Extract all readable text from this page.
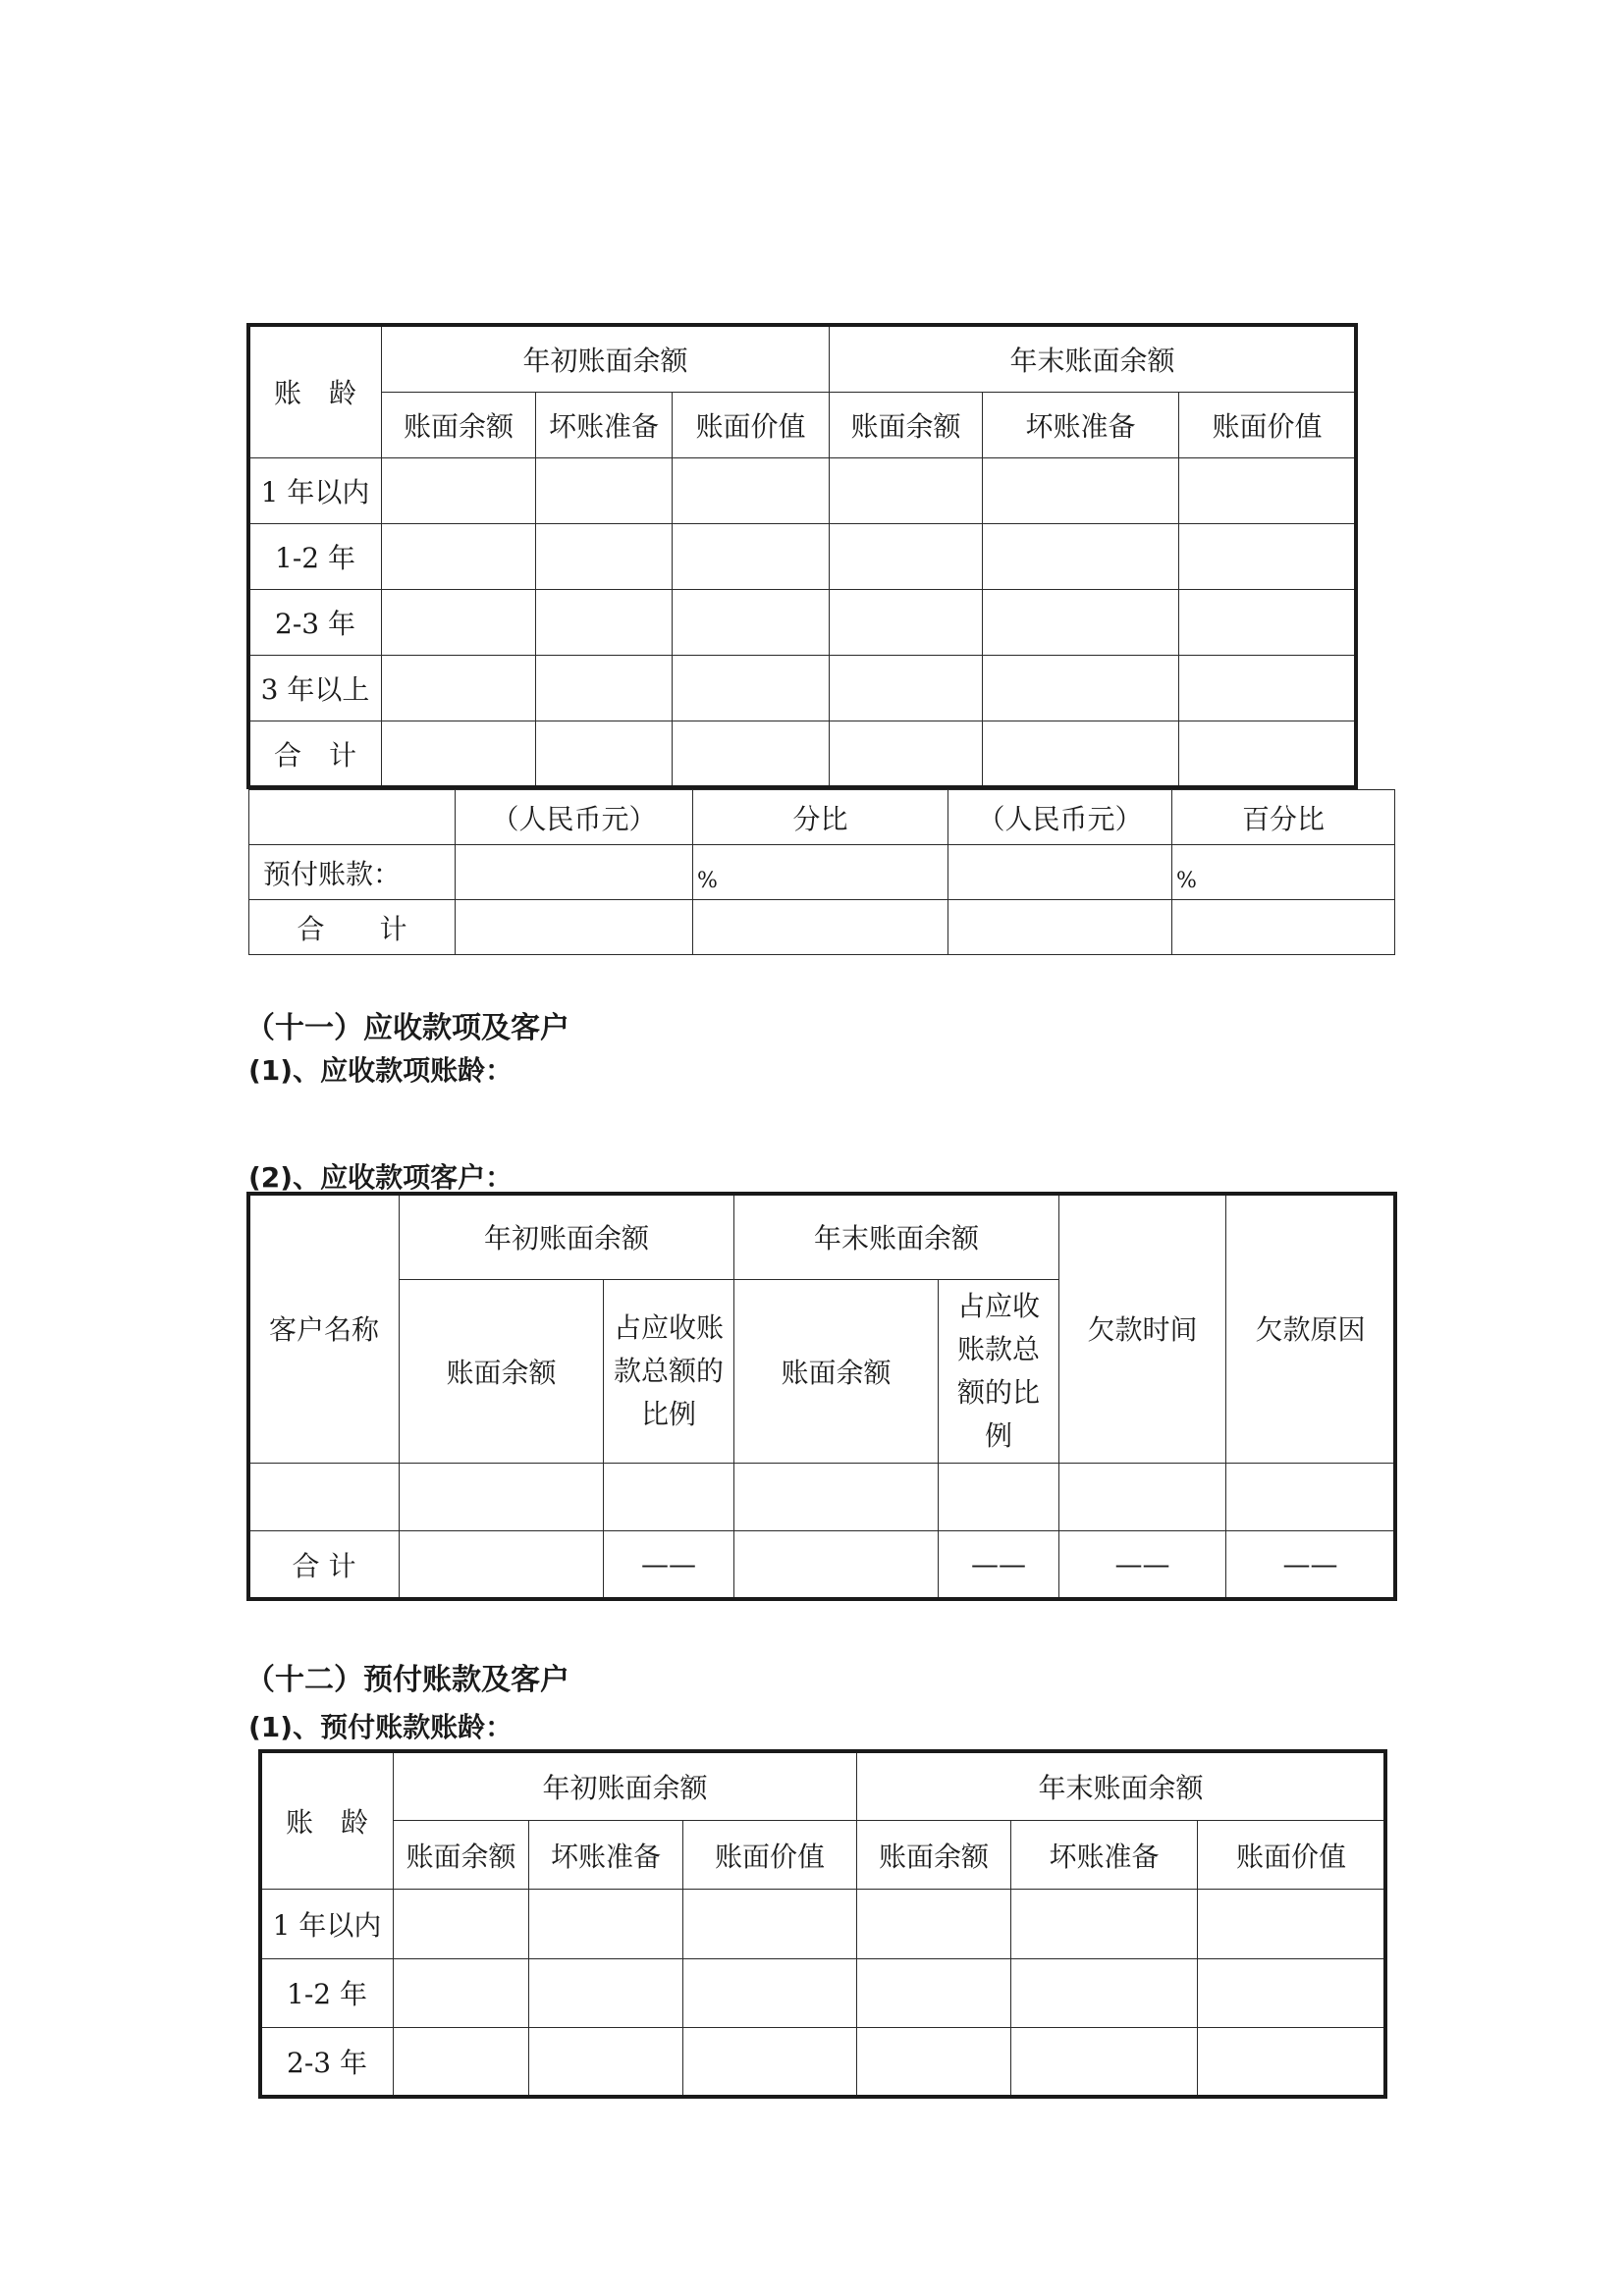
账　龄	年初账面余额			年末账面余额		
	账面余额	坏账准备	账面价值	账面余额	坏账准备	账面价值
1 年以内						
1-2 年						
2-3 年						
3 年以上						
合　计						
	（人民币元）	分比	（人民币元）	百分比
预付账款：		%		%
合　　计				

（十一）应收款项及客户

(1)、应收款项账龄：

(2)、应收款项客户：

客户名称	年初账面余额		年末账面余额		欠款时间	欠款原因
	账面余额	占应收账款总额的比例	账面余额	占应收账款总额的比例		

合 计		——		——	——	——

（十二）预付账款及客户

(1)、预付账款账龄：

账　龄	年初账面余额			年末账面余额		
	账面余额	坏账准备	账面价值	账面余额	坏账准备	账面价值
1 年以内						
1-2 年						
2-3 年						
